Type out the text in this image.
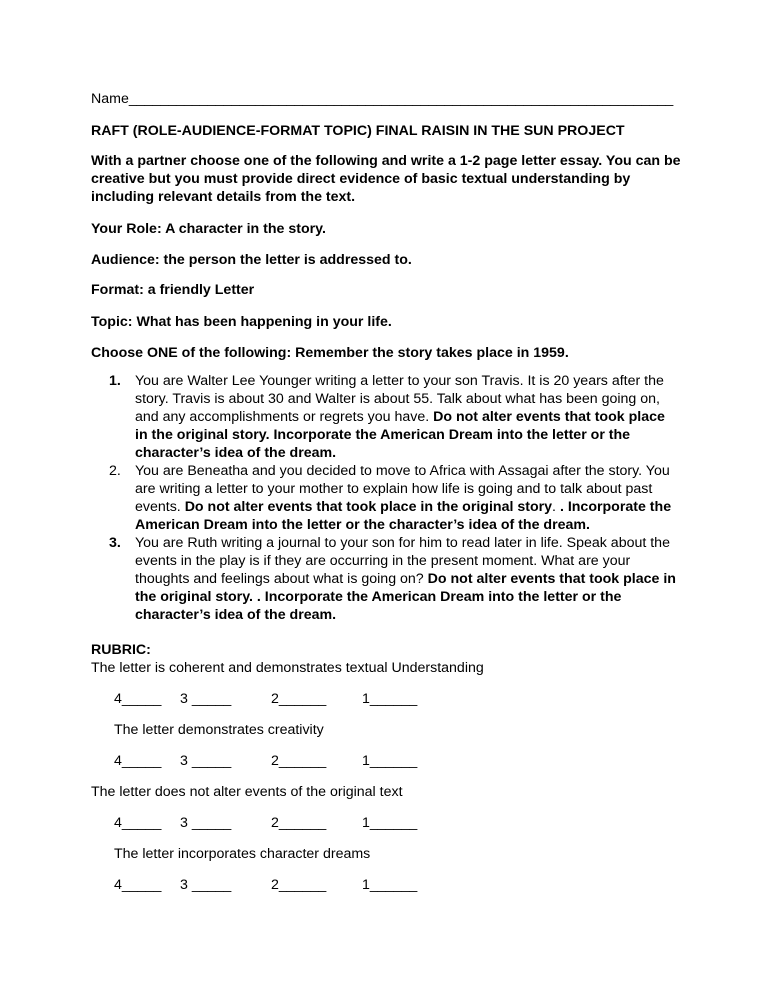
Name_____________________________________________________________________
RAFT (ROLE-AUDIENCE-FORMAT TOPIC) FINAL RAISIN IN THE SUN PROJECT
With a partner choose one of the following and write a 1-2 page letter essay. You can be creative but you must provide direct evidence of basic textual understanding by including relevant details from the text.
Your Role: A character in the story.
Audience: the person the letter is addressed to.
Format: a friendly Letter
Topic: What has been happening in your life.
Choose ONE of the following: Remember the story takes place in 1959.
1. You are Walter Lee Younger writing a letter to your son Travis. It is 20 years after the story. Travis is about 30 and Walter is about 55. Talk about what has been going on, and any accomplishments or regrets you have. Do not alter events that took place in the original story. Incorporate the American Dream into the letter or the character’s idea of the dream.
2. You are Beneatha and you decided to move to Africa with Assagai after the story. You are writing a letter to your mother to explain how life is going and to talk about past events. Do not alter events that took place in the original story. . Incorporate the American Dream into the letter or the character’s idea of the dream.
3. You are Ruth writing a journal to your son for him to read later in life. Speak about the events in the play is if they are occurring in the present moment. What are your thoughts and feelings about what is going on? Do not alter events that took place in the original story. . Incorporate the American Dream into the letter or the character’s idea of the dream.
RUBRIC:
The letter is coherent and demonstrates textual Understanding
4_____ 3 _____	2______	1______
The letter demonstrates creativity
4_____ 3 _____	2______	1______
The letter does not alter events of the original text
4_____ 3 _____	2______	1______
The letter incorporates character dreams
4_____ 3 _____	2______	1______
